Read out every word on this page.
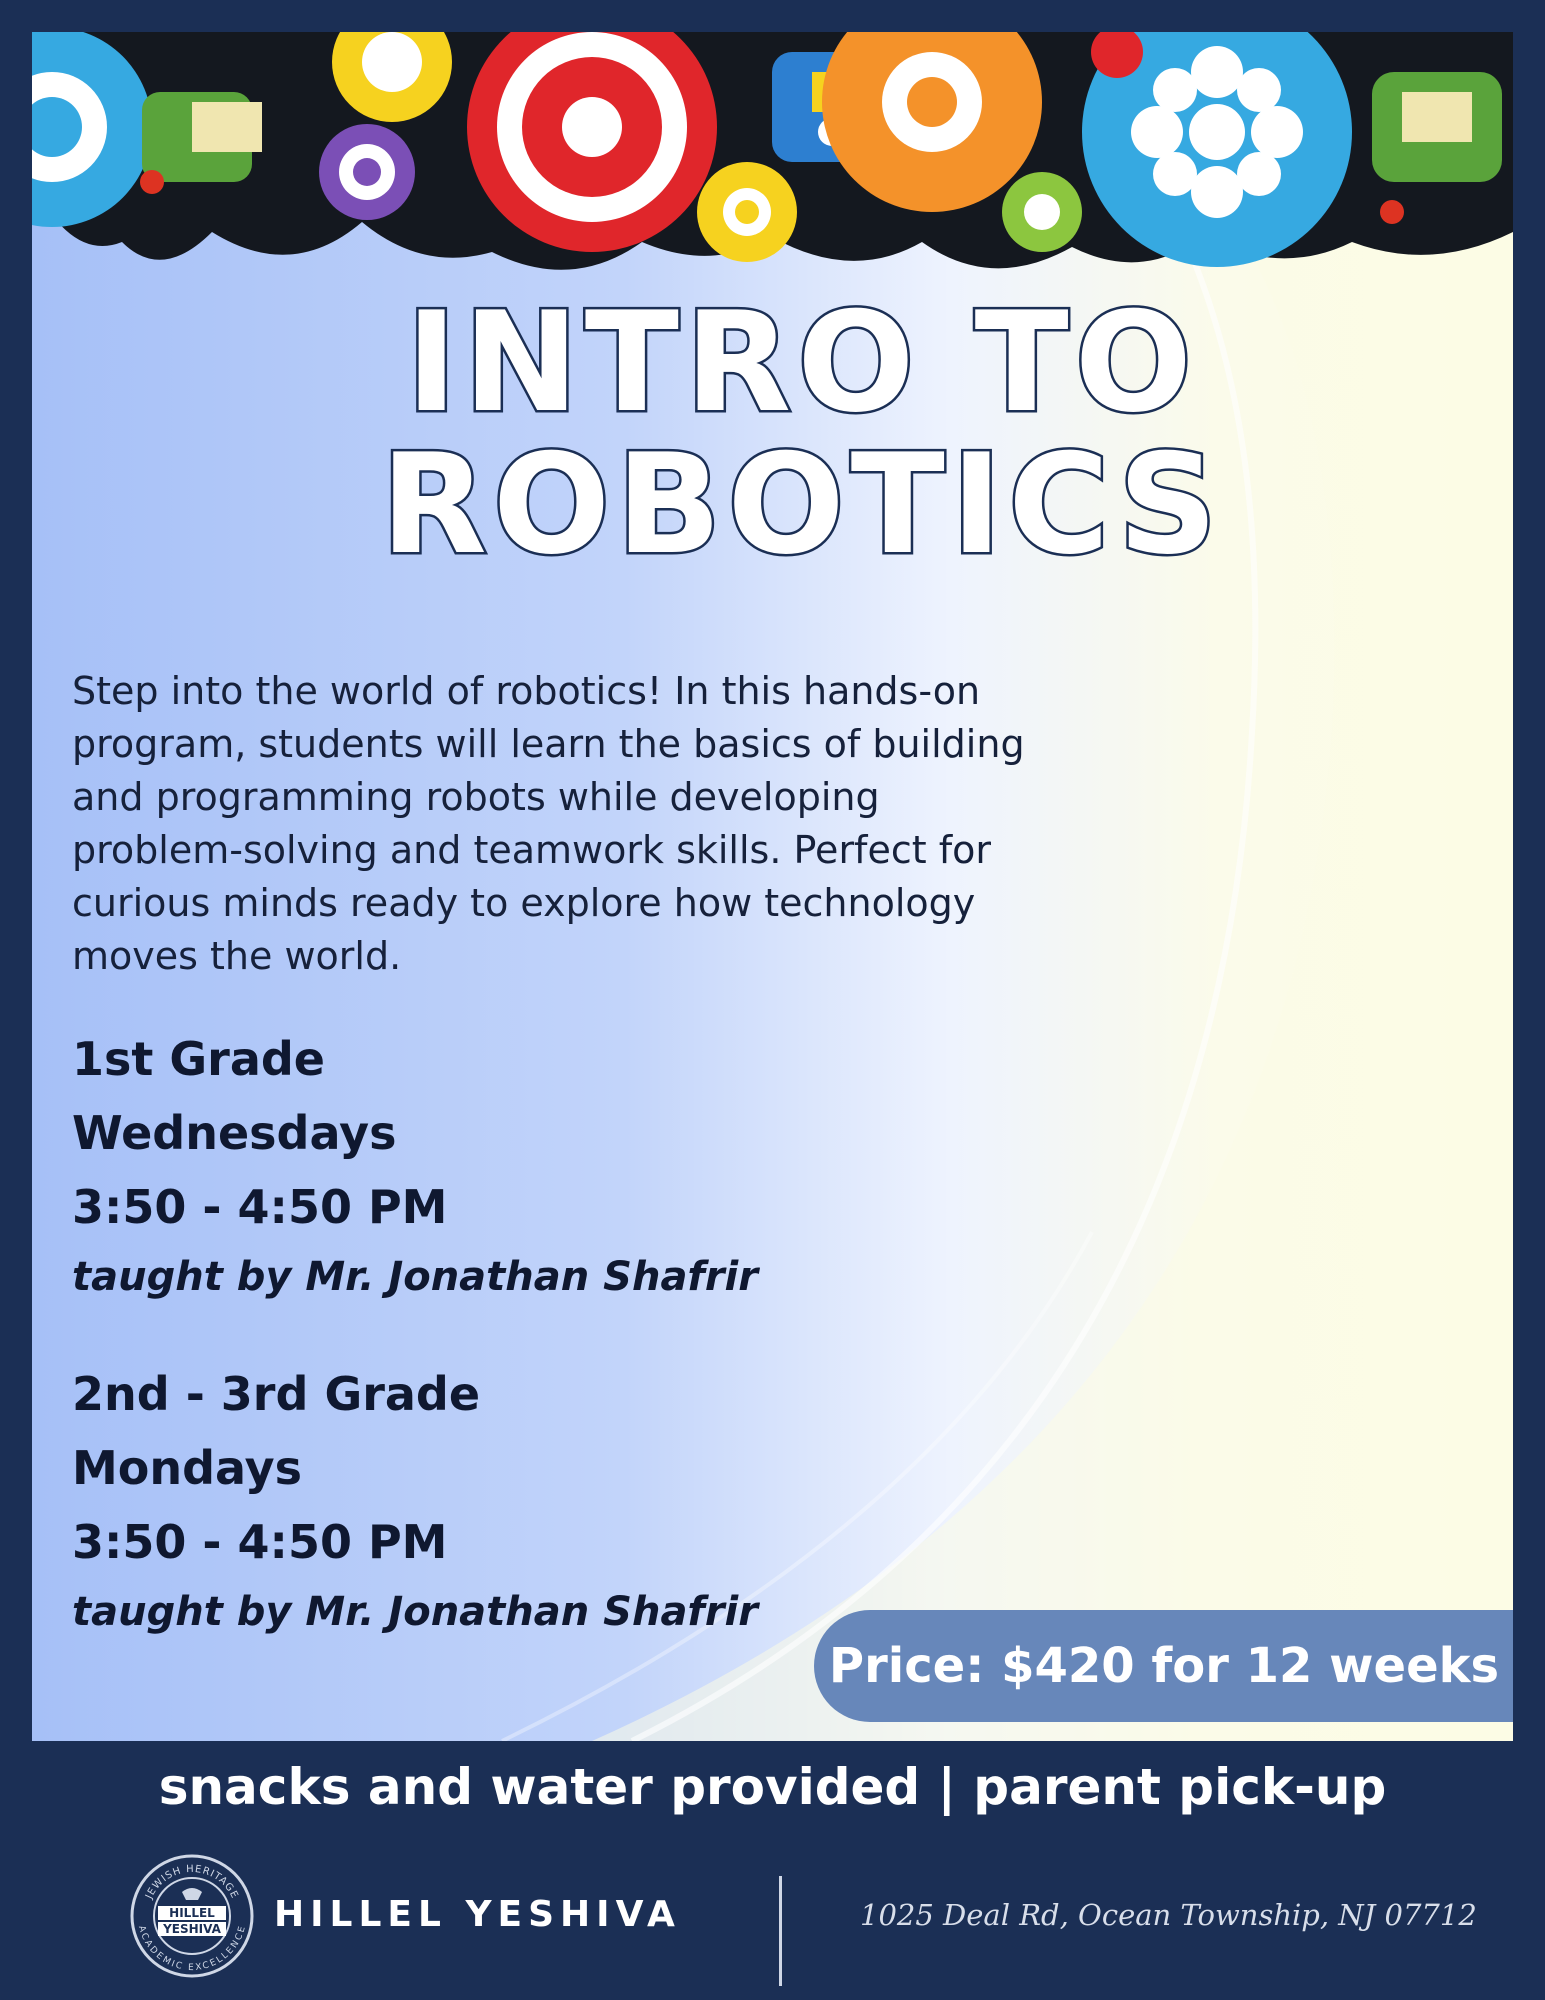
INTRO TO
ROBOTICS

Step into the world of robotics! In this hands-on
program, students will learn the basics of building
and programming robots while developing
problem-solving and teamwork skills. Perfect for
curious minds ready to explore how technology
moves the world.

1st Grade
Wednesdays
3:50 - 4:50 PM
taught by Mr. Jonathan Shafrir
2nd - 3rd Grade
Mondays
3:50 - 4:50 PM
taught by Mr. Jonathan Shafrir
Price: $420 for 12 weeks
snacks and water provided | parent pick-up
JEWISH HERITAGE
ACADEMIC EXCELLENCE
HILLEL
YESHIVA HILLEL YESHIVA	1025 Deal Rd, Ocean Township, NJ 07712
